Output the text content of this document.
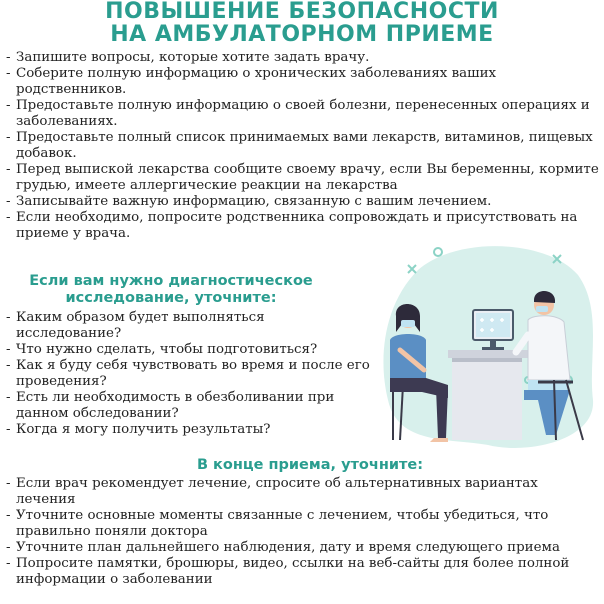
ПОВЫШЕНИЕ БЕЗОПАСНОСТИ
НА АМБУЛАТОРНОМ ПРИЕМЕ
- Запишите вопросы, которые хотите задать врачу.
- Соберите полную информацию о хронических заболеваниях ваших родственников.
- Предоставьте полную информацию о своей болезни, перенесенных операциях и заболеваниях.
- Предоставьте полный список принимаемых вами лекарств, витаминов, пищевых добавок.
- Перед выпиской лекарства сообщите своему врачу, если Вы беременны, кормите грудью, имеете аллергические реакции на лекарства
- Записывайте важную информацию, связанную с вашим лечением.
- Если необходимо, попросите родственника сопровождать и присутствовать на приеме у врача.
Если вам нужно диагностическое
исследование, уточните:
- Каким образом будет выполняться исследование?
- Что нужно сделать, чтобы подготовиться?
- Как я буду себя чувствовать во время и после его проведения?
- Есть ли необходимость в обезболивании при данном обследовании?
- Когда я могу получить результаты?
В конце приема, уточните:
- Если врач рекомендует лечение, спросите об альтернативных вариантах лечения
- Уточните основные моменты связанные с лечением, чтобы убедиться, что правильно поняли доктора
- Уточните план дальнейшего наблюдения, дату и время следующего приема
- Попросите памятки, брошюры, видео, ссылки на веб-сайты для более полной информации о заболевании
